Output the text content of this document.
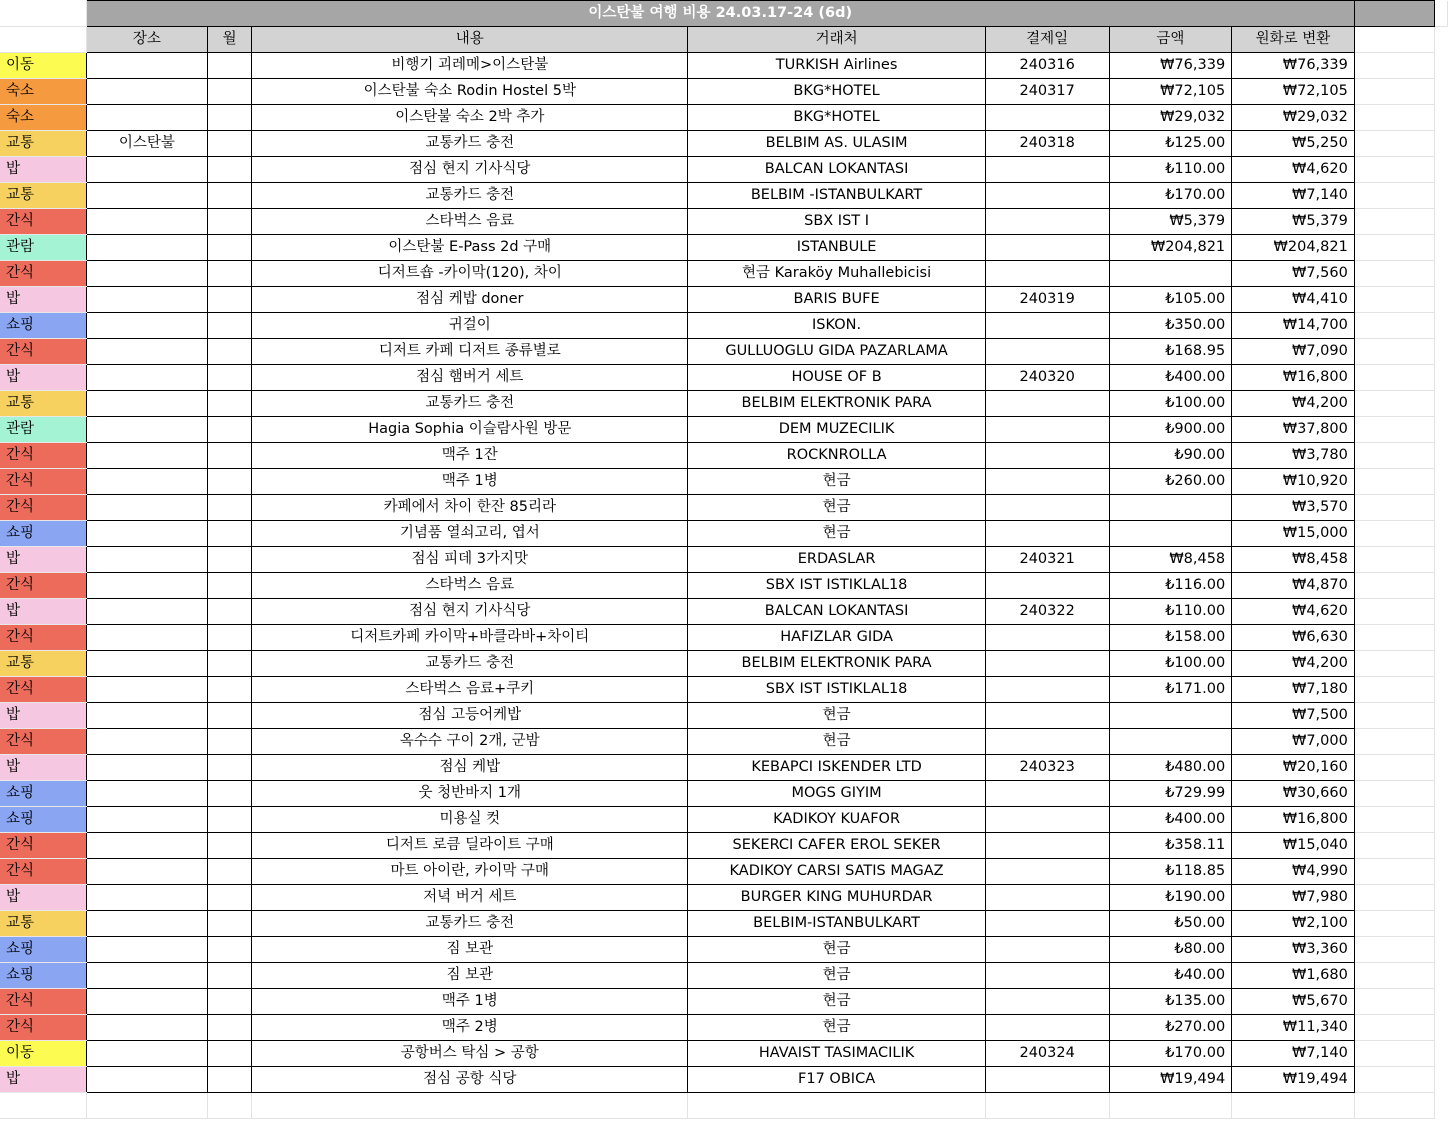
	이스탄불 여행 비용 24.03.17-24 (6d)								
	장소	월	내용	거래처	결제일	금액	원화로 변환		
이동			비행기 괴레메>이스탄불	TURKISH Airlines	240316	₩76,339	₩76,339		
숙소			이스탄불 숙소 Rodin Hostel 5박	BKG*HOTEL	240317	₩72,105	₩72,105		
숙소			이스탄불 숙소 2박 추가	BKG*HOTEL		₩29,032	₩29,032		
교통	이스탄불		교통카드 충전	BELBIM AS. ULASIM	240318	₺125.00	₩5,250		
밥			점심 현지 기사식당	BALCAN LOKANTASI		₺110.00	₩4,620		
교통			교통카드 충전	BELBIM -ISTANBULKART		₺170.00	₩7,140		
간식			스타벅스 음료	SBX IST I		₩5,379	₩5,379		
관람			이스탄불 E-Pass 2d 구매	ISTANBULE		₩204,821	₩204,821		
간식			디저트숍 -카이막(120), 차이	현금 Karaköy Muhallebicisi			₩7,560		
밥			점심 케밥 doner	BARIS BUFE	240319	₺105.00	₩4,410		
쇼핑			귀걸이	ISKON.		₺350.00	₩14,700		
간식			디저트 카페 디저트 종류별로	GULLUOGLU GIDA PAZARLAMA		₺168.95	₩7,090		
밥			점심 햄버거 세트	HOUSE OF B	240320	₺400.00	₩16,800		
교통			교통카드 충전	BELBIM ELEKTRONIK PARA		₺100.00	₩4,200		
관람			Hagia Sophia 이슬람사원 방문	DEM MUZECILIK		₺900.00	₩37,800		
간식			맥주 1잔	ROCKNROLLA		₺90.00	₩3,780		
간식			맥주 1병	현금		₺260.00	₩10,920		
간식			카페에서 차이 한잔 85리라	현금			₩3,570		
쇼핑			기념품 열쇠고리, 엽서	현금			₩15,000		
밥			점심 피데 3가지맛	ERDASLAR	240321	₩8,458	₩8,458		
간식			스타벅스 음료	SBX IST ISTIKLAL18		₺116.00	₩4,870		
밥			점심 현지 기사식당	BALCAN LOKANTASI	240322	₺110.00	₩4,620		
간식			디저트카페 카이막+바클라바+차이티	HAFIZLAR GIDA		₺158.00	₩6,630		
교통			교통카드 충전	BELBIM ELEKTRONIK PARA		₺100.00	₩4,200		
간식			스타벅스 음료+쿠키	SBX IST ISTIKLAL18		₺171.00	₩7,180		
밥			점심 고등어케밥	현금			₩7,500		
간식			옥수수 구이 2개, 군밤	현금			₩7,000		
밥			점심 케밥	KEBAPCI ISKENDER LTD	240323	₺480.00	₩20,160		
쇼핑			웃 청반바지 1개	MOGS GIYIM		₺729.99	₩30,660		
쇼핑			미용실 컷	KADIKOY KUAFOR		₺400.00	₩16,800		
간식			디저트 로큼 딜라이트 구매	SEKERCI CAFER EROL SEKER		₺358.11	₩15,040		
간식			마트 아이란, 카이막 구매	KADIKOY CARSI SATIS MAGAZ		₺118.85	₩4,990		
밥			저녁 버거 세트	BURGER KING MUHURDAR		₺190.00	₩7,980		
교통			교통카드 충전	BELBIM-ISTANBULKART		₺50.00	₩2,100		
쇼핑			짐 보관	현금		₺80.00	₩3,360		
쇼핑			짐 보관	현금		₺40.00	₩1,680		
간식			맥주 1병	현금		₺135.00	₩5,670		
간식			맥주 2병	현금		₺270.00	₩11,340		
이동			공항버스 탁심 > 공항	HAVAIST TASIMACILIK	240324	₺170.00	₩7,140		
밥			점심 공항 식당	F17 OBICA		₩19,494	₩19,494		
